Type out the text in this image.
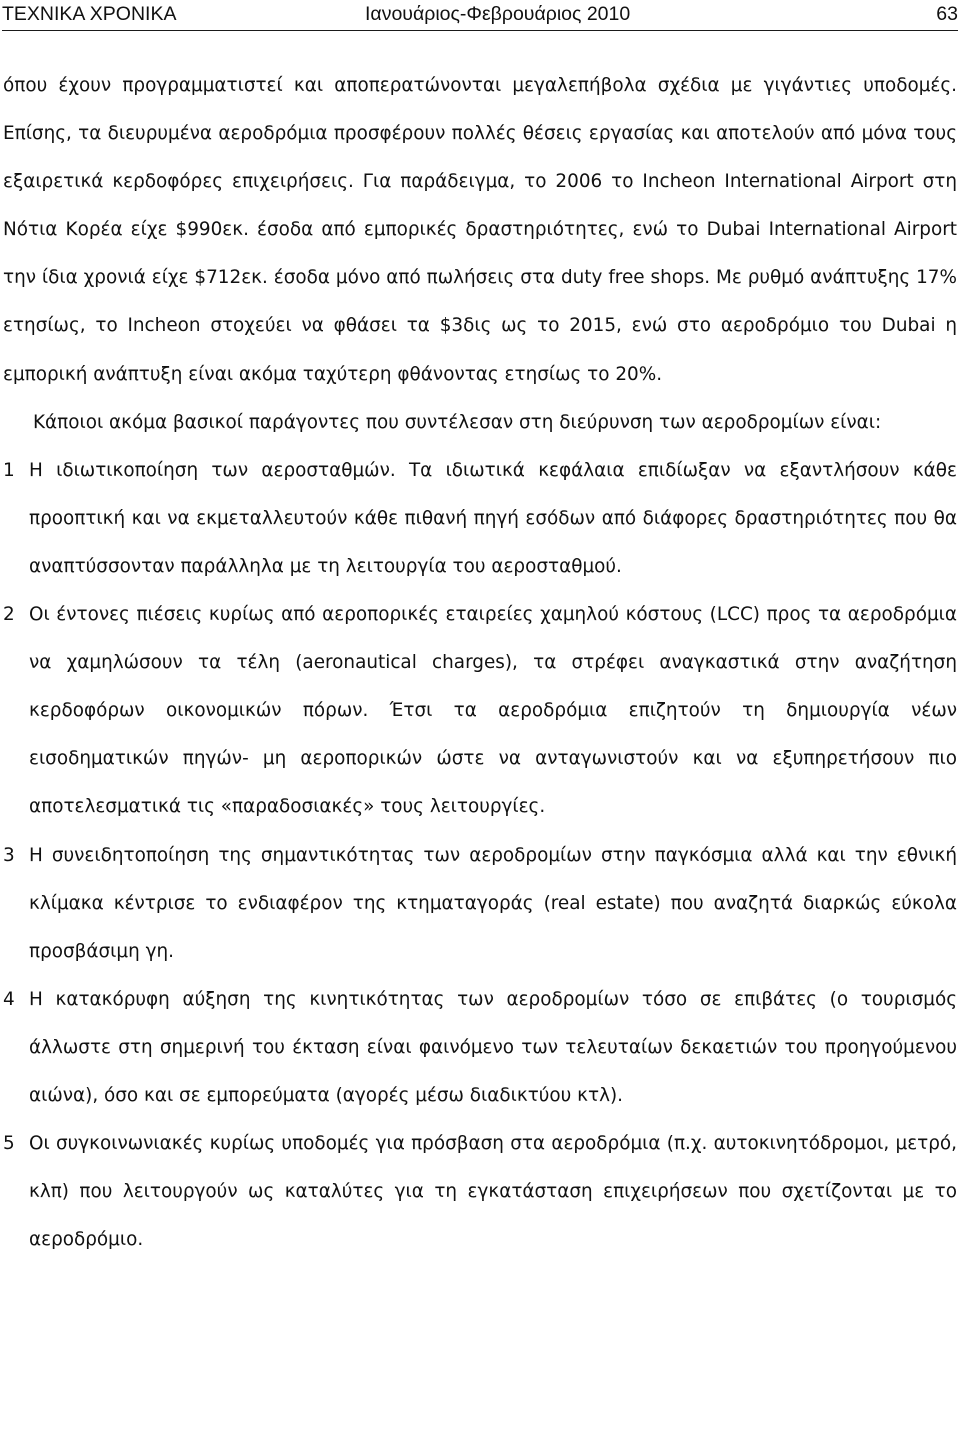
ΤΕΧΝΙΚΑ ΧΡΟΝΙΚΑ	Ιανουάριος-Φεβρουάριος 2010	63

όπου έχουν προγραμματιστεί και αποπερατώνονται μεγαλεπήβολα σχέδια με γιγάντιες υποδομές. Επίσης, τα διευρυμένα αεροδρόμια προσφέρουν πολλές θέσεις εργασίας και αποτελούν από μόνα τους εξαιρετικά κερδοφόρες επιχειρήσεις. Για παράδειγμα, το 2006 το Incheon International Airport στη Νότια Κορέα είχε $990εκ. έσοδα από εμπορικές δραστηριότητες, ενώ το Dubai International Airport την ίδια χρονιά είχε $712εκ. έσοδα μόνο από πωλήσεις στα duty free shops. Με ρυθμό ανάπτυξης 17% ετησίως, το Incheon στοχεύει να φθάσει τα $3δις ως το 2015, ενώ στο αεροδρόμιο του Dubai η εμπορική ανάπτυξη είναι ακόμα ταχύτερη φθάνοντας ετησίως το 20%.

Κάποιοι ακόμα βασικοί παράγοντες που συντέλεσαν στη διεύρυνση των αεροδρομίων είναι:

1 Η ιδιωτικοποίηση των αεροσταθμών. Τα ιδιωτικά κεφάλαια επιδίωξαν να εξαντλήσουν κάθε προοπτική και να εκμεταλλευτούν κάθε πιθανή πηγή εσόδων από διάφορες δραστηριότητες που θα αναπτύσσονταν παράλληλα με τη λειτουργία του αεροσταθμού.
2 Οι έντονες πιέσεις κυρίως από αεροπορικές εταιρείες χαμηλού κόστους (LCC) προς τα αεροδρόμια να χαμηλώσουν τα τέλη (aeronautical charges), τα στρέφει αναγκαστικά στην αναζήτηση κερδοφόρων οικονομικών πόρων. Έτσι τα αεροδρόμια επιζητούν τη δημιουργία νέων εισοδηματικών πηγών- μη αεροπορικών ώστε να ανταγωνιστούν και να εξυπηρετήσουν πιο αποτελεσματικά τις «παραδοσιακές» τους λειτουργίες.
3 Η συνειδητοποίηση της σημαντικότητας των αεροδρομίων στην παγκόσμια αλλά και την εθνική κλίμακα κέντρισε το ενδιαφέρον της κτηματαγοράς (real estate) που αναζητά διαρκώς εύκολα προσβάσιμη γη.
4 Η κατακόρυφη αύξηση της κινητικότητας των αεροδρομίων τόσο σε επιβάτες (ο τουρισμός άλλωστε στη σημερινή του έκταση είναι φαινόμενο των τελευταίων δεκαετιών του προηγούμενου αιώνα), όσο και σε εμπορεύματα (αγορές μέσω διαδικτύου κτλ).
5 Οι συγκοινωνιακές κυρίως υποδομές για πρόσβαση στα αεροδρόμια (π.χ. αυτοκινητόδρομοι, μετρό, κλπ) που λειτουργούν ως καταλύτες για τη εγκατάσταση επιχειρήσεων που σχετίζονται με το αεροδρόμιο.
